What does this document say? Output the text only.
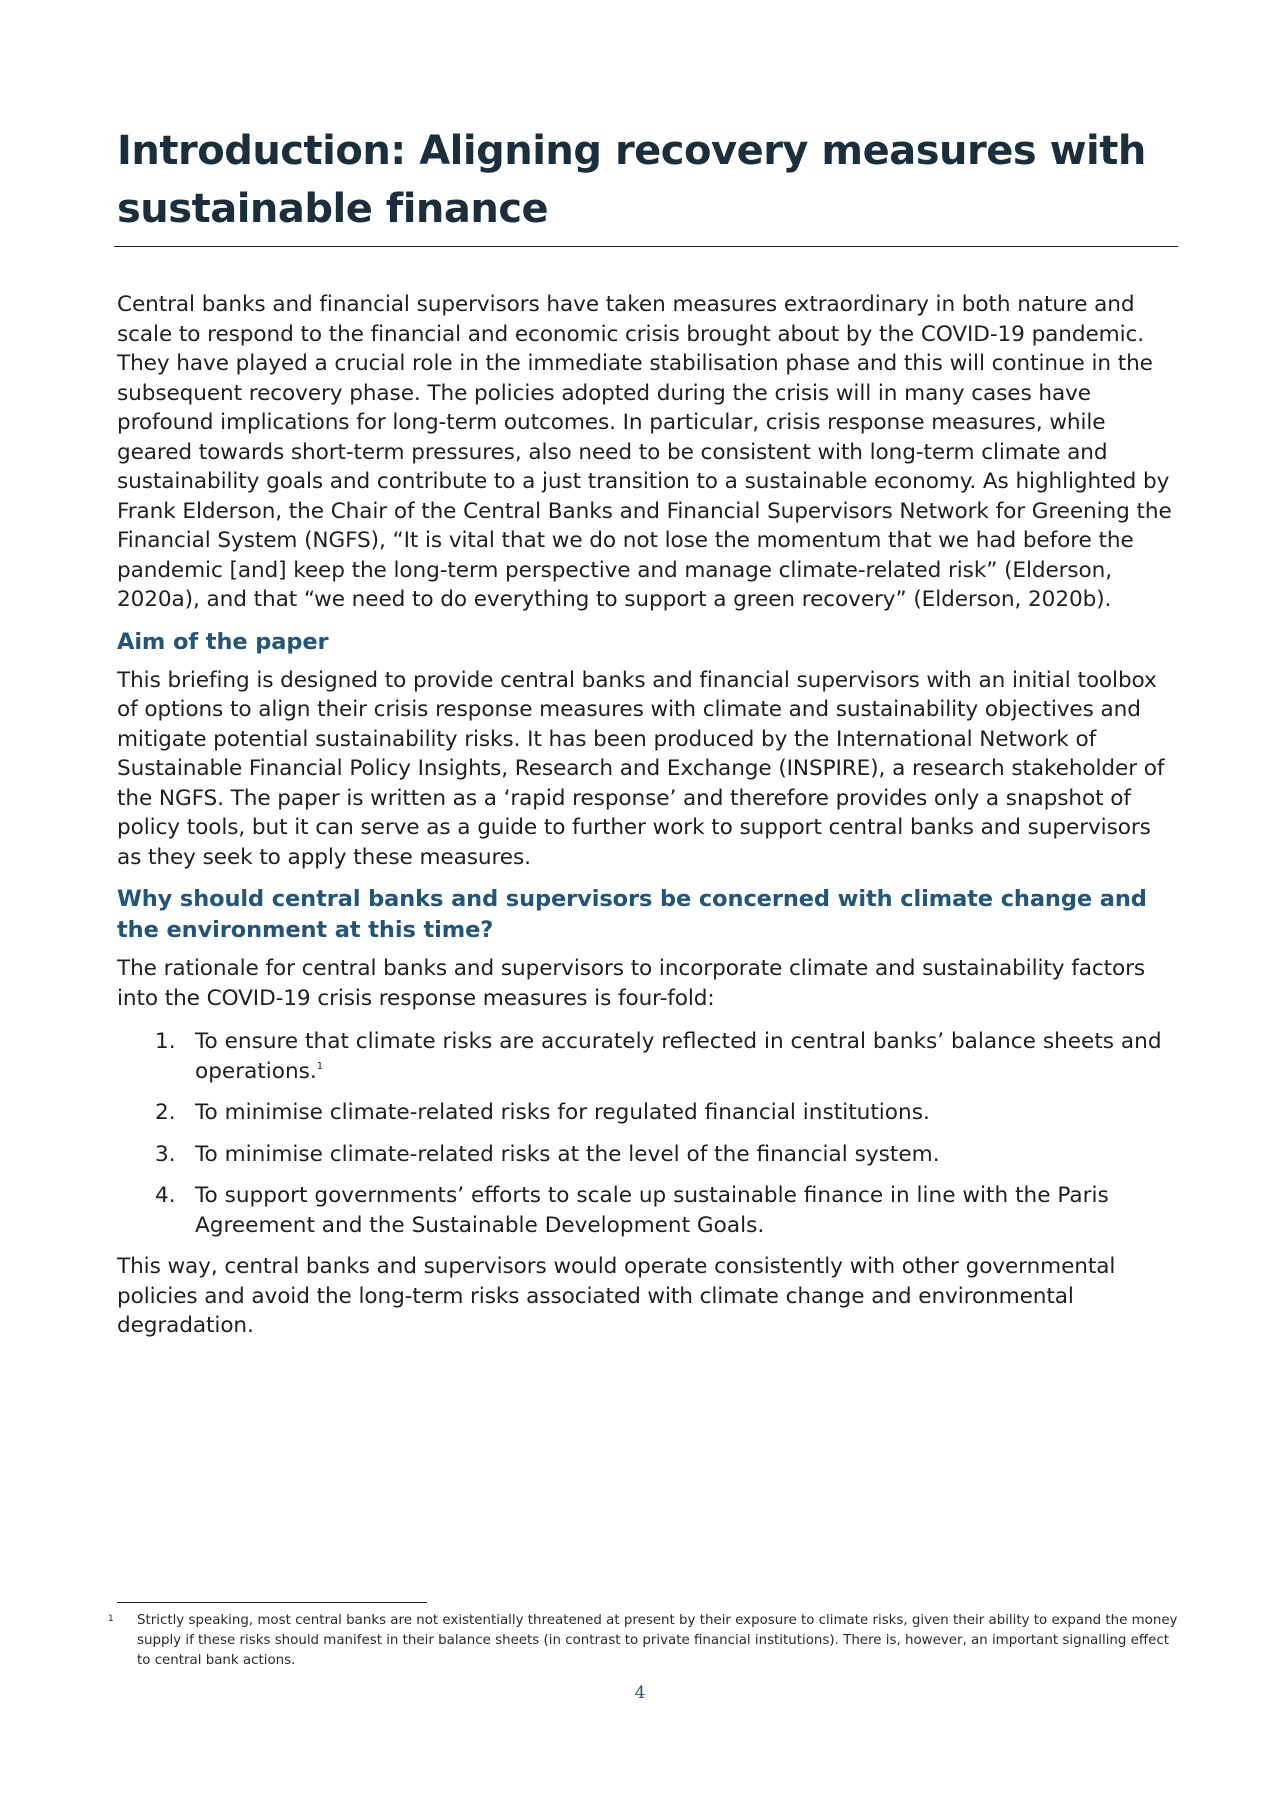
Introduction: Aligning recovery measures with sustainable finance

Central banks and financial supervisors have taken measures extraordinary in both nature and scale to respond to the financial and economic crisis brought about by the COVID-19 pandemic. They have played a crucial role in the immediate stabilisation phase and this will continue in the subsequent recovery phase. The policies adopted during the crisis will in many cases have profound implications for long-term outcomes. In particular, crisis response measures, while geared towards short-term pressures, also need to be consistent with long-term climate and sustainability goals and contribute to a just transition to a sustainable economy. As highlighted by Frank Elderson, the Chair of the Central Banks and Financial Supervisors Network for Greening the Financial System (NGFS), “It is vital that we do not lose the momentum that we had before the pandemic [and] keep the long-term perspective and manage climate-related risk” (Elderson, 2020a), and that “we need to do everything to support a green recovery” (Elderson, 2020b).

Aim of the paper

This briefing is designed to provide central banks and financial supervisors with an initial toolbox of options to align their crisis response measures with climate and sustainability objectives and mitigate potential sustainability risks. It has been produced by the International Network of Sustainable Financial Policy Insights, Research and Exchange (INSPIRE), a research stakeholder of the NGFS. The paper is written as a ‘rapid response’ and therefore provides only a snapshot of policy tools, but it can serve as a guide to further work to support central banks and supervisors as they seek to apply these measures.

Why should central banks and supervisors be concerned with climate change and the environment at this time?

The rationale for central banks and supervisors to incorporate climate and sustainability factors into the COVID-19 crisis response measures is four-fold:

1. To ensure that climate risks are accurately reflected in central banks’ balance sheets and operations.$^1$
2. To minimise climate-related risks for regulated financial institutions.
3. To minimise climate-related risks at the level of the financial system.
4. To support governments’ efforts to scale up sustainable finance in line with the Paris Agreement and the Sustainable Development Goals.

This way, central banks and supervisors would operate consistently with other governmental policies and avoid the long-term risks associated with climate change and environmental degradation.

1	Strictly speaking, most central banks are not existentially threatened at present by their exposure to climate risks, given their ability to expand the money supply if these risks should manifest in their balance sheets (in contrast to private financial institutions). There is, however, an important signalling effect to central bank actions.
4
